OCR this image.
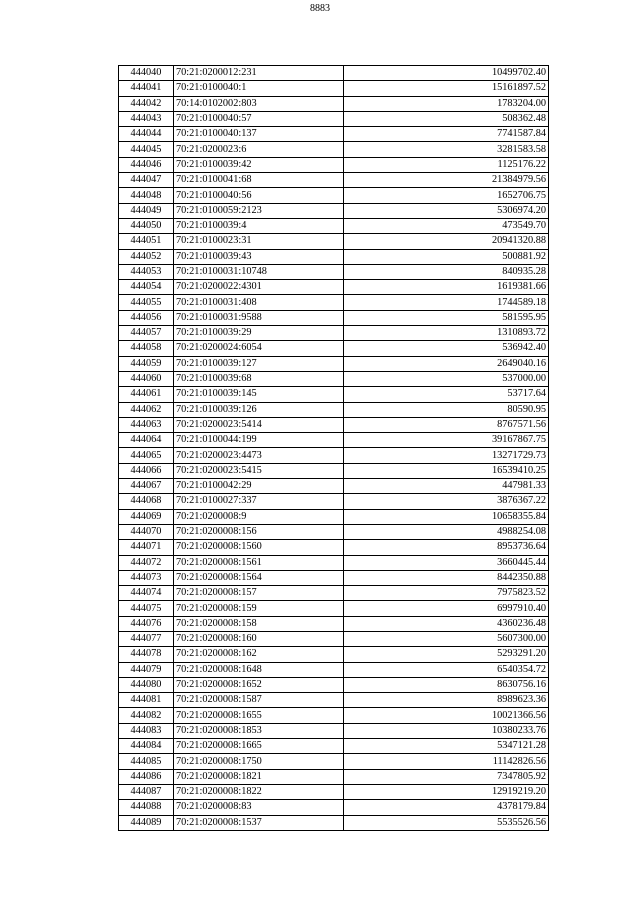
8883
444040	70:21:0200012:231	10499702.40
444041	70:21:0100040:1	15161897.52
444042	70:14:0102002:803	1783204.00
444043	70:21:0100040:57	508362.48
444044	70:21:0100040:137	7741587.84
444045	70:21:0200023:6	3281583.58
444046	70:21:0100039:42	1125176.22
444047	70:21:0100041:68	21384979.56
444048	70:21:0100040:56	1652706.75
444049	70:21:0100059:2123	5306974.20
444050	70:21:0100039:4	473549.70
444051	70:21:0100023:31	20941320.88
444052	70:21:0100039:43	500881.92
444053	70:21:0100031:10748	840935.28
444054	70:21:0200022:4301	1619381.66
444055	70:21:0100031:408	1744589.18
444056	70:21:0100031:9588	581595.95
444057	70:21:0100039:29	1310893.72
444058	70:21:0200024:6054	536942.40
444059	70:21:0100039:127	2649040.16
444060	70:21:0100039:68	537000.00
444061	70:21:0100039:145	53717.64
444062	70:21:0100039:126	80590.95
444063	70:21:0200023:5414	8767571.56
444064	70:21:0100044:199	39167867.75
444065	70:21:0200023:4473	13271729.73
444066	70:21:0200023:5415	16539410.25
444067	70:21:0100042:29	447981.33
444068	70:21:0100027:337	3876367.22
444069	70:21:0200008:9	10658355.84
444070	70:21:0200008:156	4988254.08
444071	70:21:0200008:1560	8953736.64
444072	70:21:0200008:1561	3660445.44
444073	70:21:0200008:1564	8442350.88
444074	70:21:0200008:157	7975823.52
444075	70:21:0200008:159	6997910.40
444076	70:21:0200008:158	4360236.48
444077	70:21:0200008:160	5607300.00
444078	70:21:0200008:162	5293291.20
444079	70:21:0200008:1648	6540354.72
444080	70:21:0200008:1652	8630756.16
444081	70:21:0200008:1587	8989623.36
444082	70:21:0200008:1655	10021366.56
444083	70:21:0200008:1853	10380233.76
444084	70:21:0200008:1665	5347121.28
444085	70:21:0200008:1750	11142826.56
444086	70:21:0200008:1821	7347805.92
444087	70:21:0200008:1822	12919219.20
444088	70:21:0200008:83	4378179.84
444089	70:21:0200008:1537	5535526.56
